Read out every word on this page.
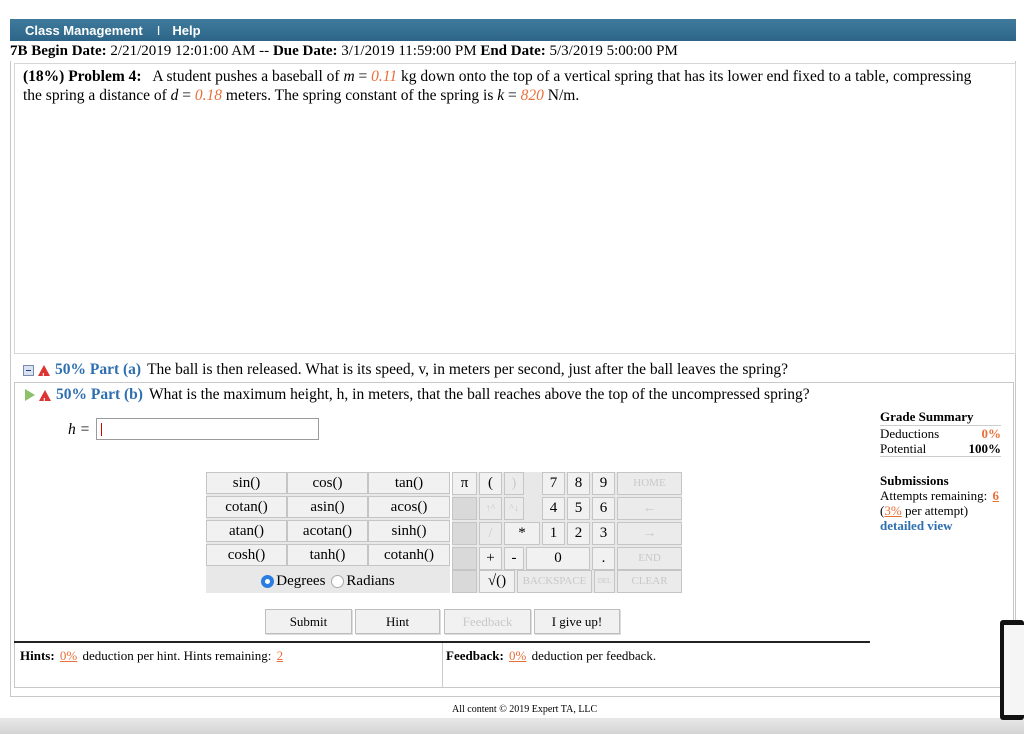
Class Management I Help
7B Begin Date: 2/21/2019 12:01:00 AM -- Due Date: 3/1/2019 11:59:00 PM End Date: 5/3/2019 5:00:00 PM
(18%) Problem 4: A student pushes a baseball of m = 0.11 kg down onto the top of a vertical spring that has its lower end fixed to a table, compressing the spring a distance of d = 0.18 meters. The spring constant of the spring is k = 820 N/m.
!
50% Part (a) The ball is then released. What is its speed, v, in meters per second, just after the ball leaves the spring?
!
50% Part (b) What is the maximum height, h, in meters, that the ball reaches above the top of the uncompressed spring?
h =
sin()	cos()	tan()
cotan()	asin()	acos()
atan()	acotan()	sinh()
cosh()	tanh()	cotanh()
Degrees Radians
π	(	)	7	8	9	HOME
↑^	^↓	4	5	6	←
/	*	1	2	3	→
+	-	0	.	END
√()	BACKSPACE	DEL	CLEAR
Submit	Hint	Feedback	I give up!
Hints: 0% deduction per hint. Hints remaining: 2	Feedback: 0% deduction per feedback.
Grade Summary
Deductions	0%
Potential	100%
Submissions
Attempts remaining: 6
(3% per attempt)
detailed view
All content © 2019 Expert TA, LLC
